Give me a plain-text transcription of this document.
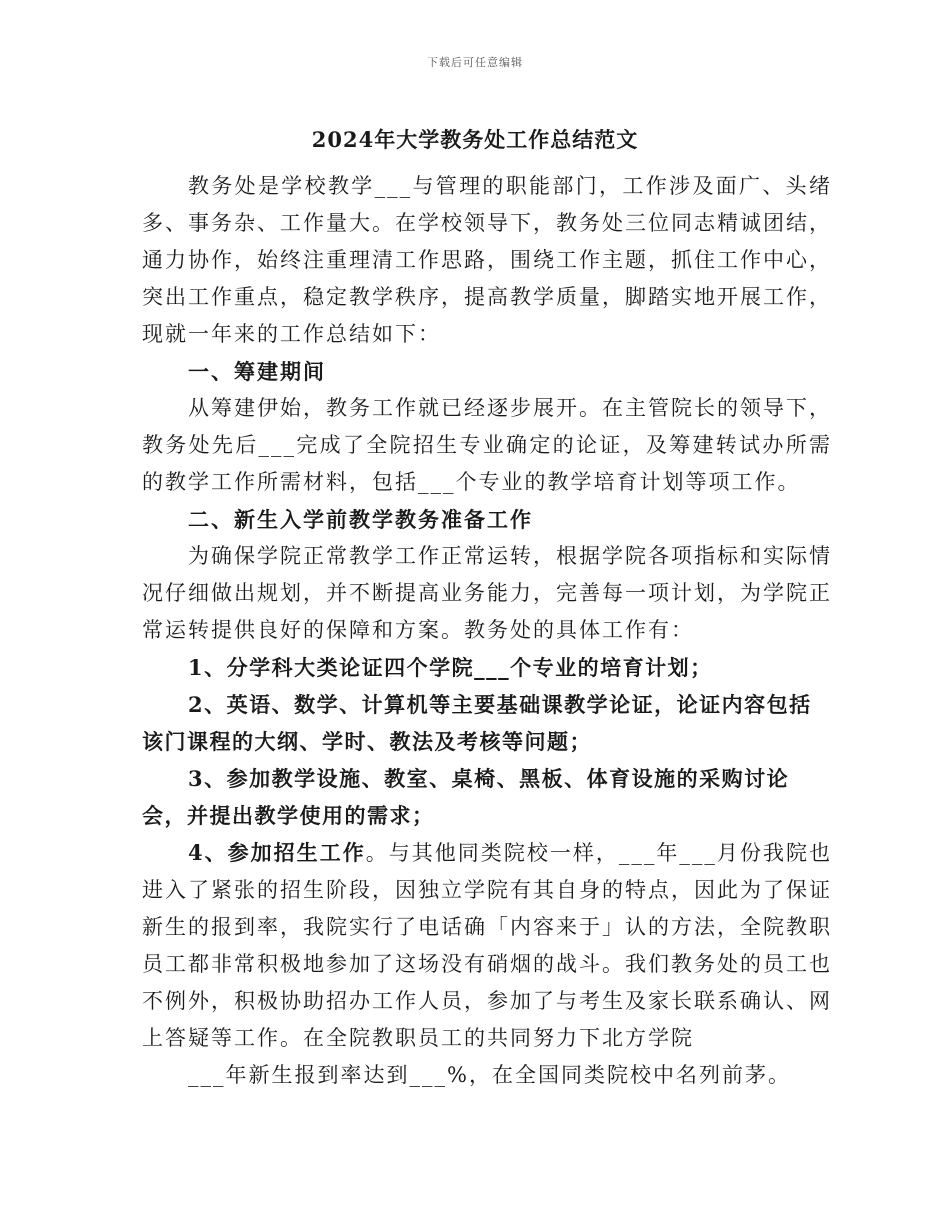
下载后可任意编辑
2024年大学教务处工作总结范文

教务处是学校教学___与管理的职能部门，工作涉及面广、头绪多、事务杂、工作量大。在学校领导下，教务处三位同志精诚团结，通力协作，始终注重理清工作思路，围绕工作主题，抓住工作中心，突出工作重点，稳定教学秩序，提高教学质量，脚踏实地开展工作，现就一年来的工作总结如下：

一、筹建期间

从筹建伊始，教务工作就已经逐步展开。在主管院长的领导下，教务处先后___完成了全院招生专业确定的论证，及筹建转试办所需的教学工作所需材料，包括___个专业的教学培育计划等项工作。

二、新生入学前教学教务准备工作

为确保学院正常教学工作正常运转，根据学院各项指标和实际情况仔细做出规划，并不断提高业务能力，完善每一项计划，为学院正常运转提供良好的保障和方案。教务处的具体工作有：

1、分学科大类论证四个学院___个专业的培育计划；

2、英语、数学、计算机等主要基础课教学论证，论证内容包括该门课程的大纲、学时、教法及考核等问题；

3、参加教学设施、教室、桌椅、黑板、体育设施的采购讨论会，并提出教学使用的需求；

4、参加招生工作。与其他同类院校一样，___年___月份我院也进入了紧张的招生阶段，因独立学院有其自身的特点，因此为了保证新生的报到率，我院实行了电话确「内容来于」认的方法，全院教职员工都非常积极地参加了这场没有硝烟的战斗。我们教务处的员工也不例外，积极协助招办工作人员，参加了与考生及家长联系确认、网上答疑等工作。在全院教职员工的共同努力下北方学院

___年新生报到率达到___%，在全国同类院校中名列前茅。
